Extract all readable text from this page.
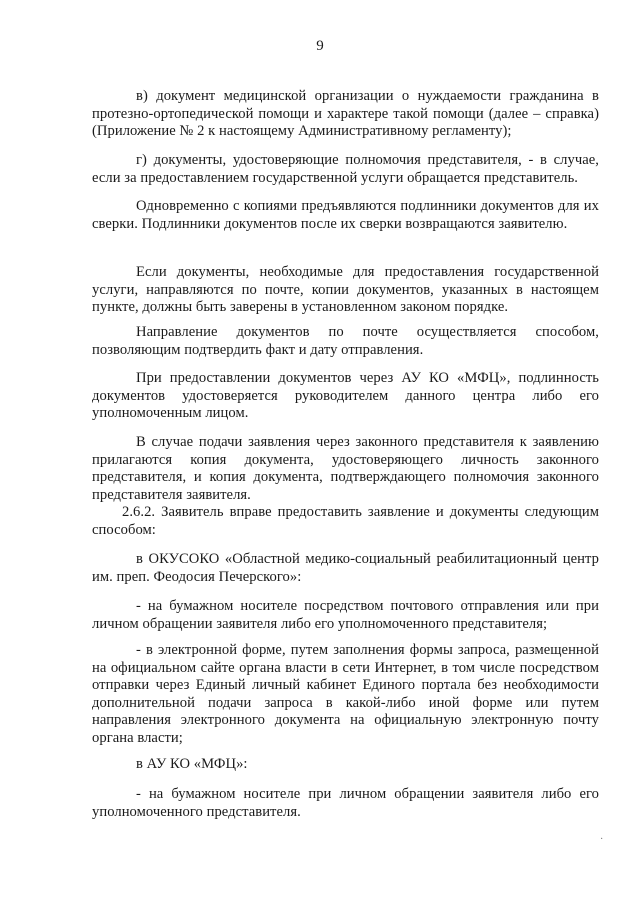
9

в) документ медицинской организации о нуждаемости гражданина в протезно-ортопедической помощи и характере такой помощи (далее – справка) (Приложение № 2 к настоящему Административному регламенту);

г) документы, удостоверяющие полномочия представителя, - в случае, если за предоставлением государственной услуги обращается представитель.

Одновременно с копиями предъявляются подлинники документов для их сверки. Подлинники документов после их сверки возвращаются заявителю.

Если документы, необходимые для предоставления государственной услуги, направляются по почте, копии документов, указанных в настоящем пункте, должны быть заверены в установленном законом порядке.

Направление документов по почте осуществляется способом, позволяющим подтвердить факт и дату отправления.

При предоставлении документов через АУ КО «МФЦ», подлинность документов удостоверяется руководителем данного центра либо его уполномоченным лицом.

В случае подачи заявления через законного представителя к заявлению прилагаются копия документа, удостоверяющего личность законного представителя, и копия документа, подтверждающего полномочия законного представителя заявителя.

2.6.2. Заявитель вправе предоставить заявление и документы следующим способом:

в ОКУСОКО «Областной медико-социальный реабилитационный центр им. преп. Феодосия Печерского»:

- на бумажном носителе посредством почтового отправления или при личном обращении заявителя либо его уполномоченного представителя;

- в электронной форме, путем заполнения формы запроса, размещенной на официальном сайте органа власти в сети Интернет, в том числе посредством отправки через Единый личный кабинет Единого портала без необходимости дополнительной подачи запроса в какой-либо иной форме или путем направления электронного документа на официальную электронную почту органа власти;

в АУ КО «МФЦ»:

- на бумажном носителе при личном обращении заявителя либо его уполномоченного представителя.

·
